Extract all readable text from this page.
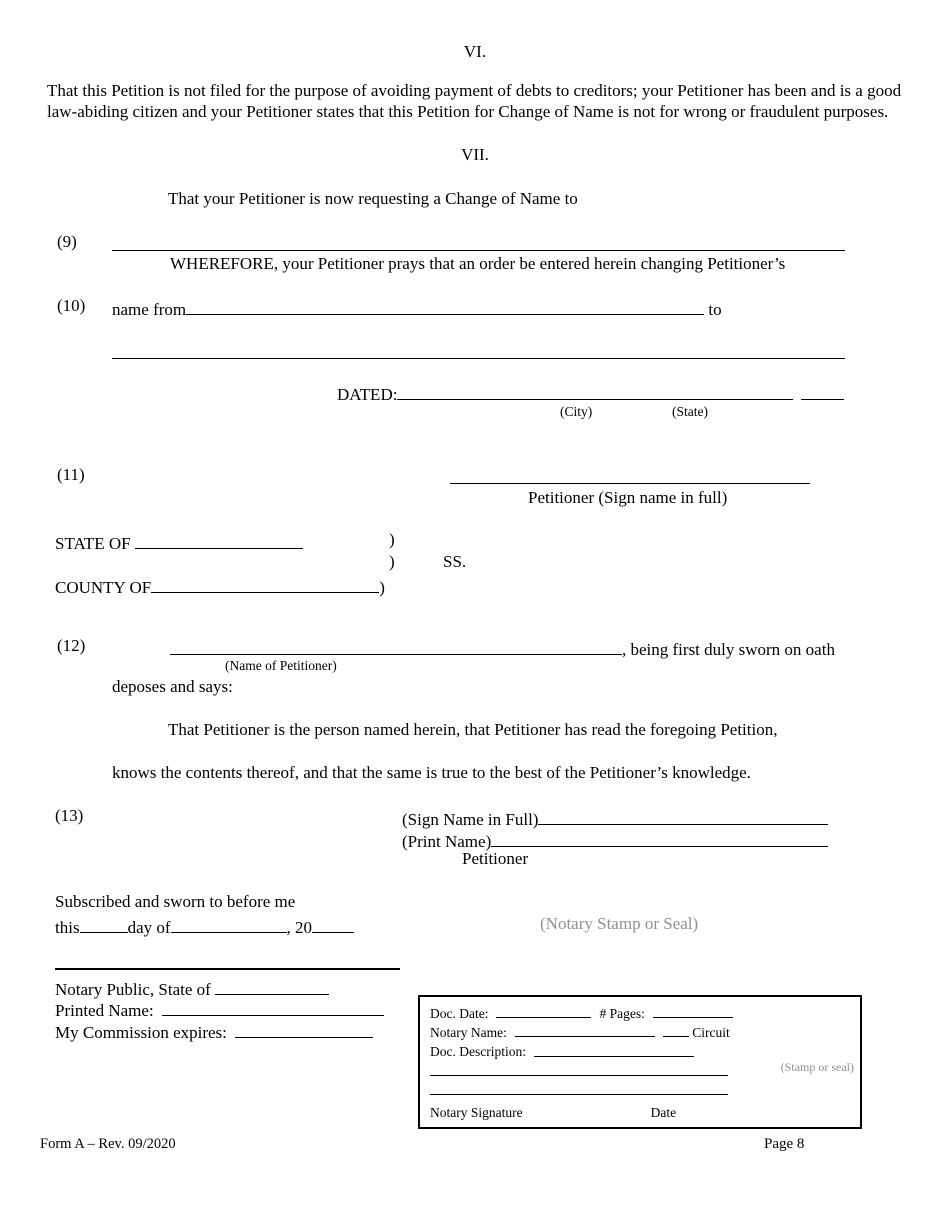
VI.
That this Petition is not filed for the purpose of avoiding payment of debts to creditors; your Petitioner has been and is a good law-abiding citizen and your Petitioner states that this Petition for Change of Name is not for wrong or fraudulent purposes.
VII.
That your Petitioner is now requesting a Change of Name to
(9)
WHEREFORE, your Petitioner prays that an order be entered herein changing Petitioner’s
(10) name from	to
DATED:
(City)	(State)
(11)
Petitioner (Sign name in full)
STATE OF	)
)	SS.
COUNTY OF	)
(12)	, being first duly sworn on oath
(Name of Petitioner)
deposes and says:
That Petitioner is the person named herein, that Petitioner has read the foregoing Petition,
knows the contents thereof, and that the same is true to the best of the Petitioner’s knowledge.
(13)	(Sign Name in Full)
(Print Name)
Petitioner
Subscribed and sworn to before me
this	day of	, 20	(Notary Stamp or Seal)
Notary Public, State of
Printed Name:
My Commission expires:
Doc. Date:	# Pages:
Notary Name:	Circuit
Doc. Description:
Notary Signature	Date
(Stamp or seal)
Form A – Rev. 09/2020	Page 8
